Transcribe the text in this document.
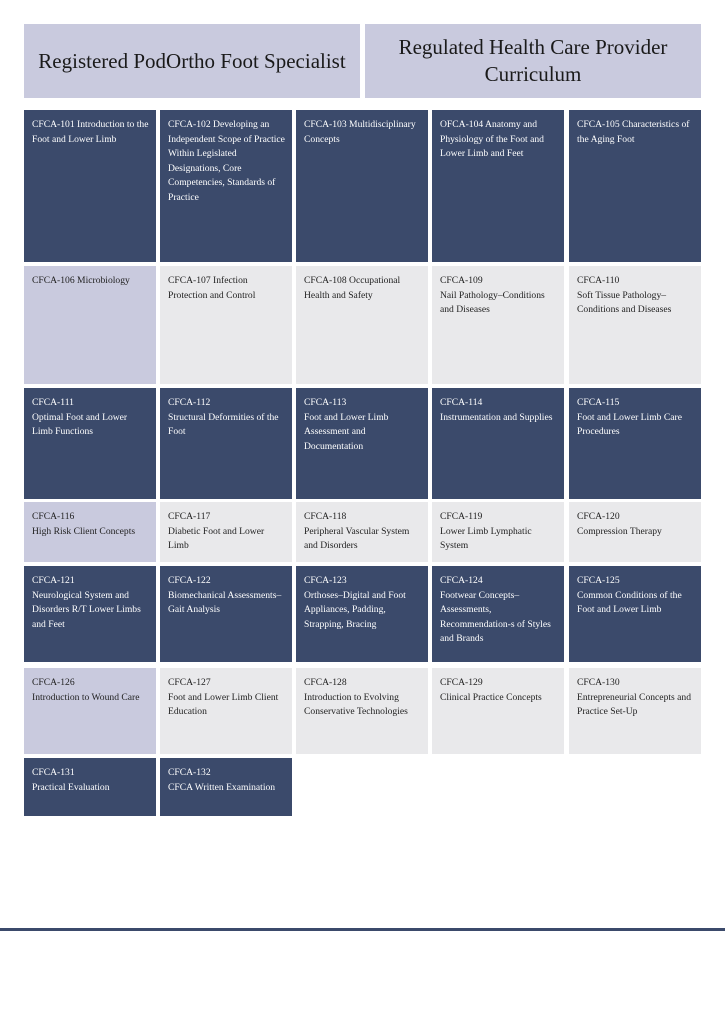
Registered PodOrtho Foot Specialist
Regulated Health Care Provider Curriculum
CFCA-101 Introduction to the Foot and Lower Limb
CFCA-102 Developing an Independent Scope of Practice Within Legislated Designations, Core Competencies, Standards of Practice
CFCA-103 Multidisciplinary Concepts
OFCA-104 Anatomy and Physiology of the Foot and Lower Limb and Feet
CFCA-105 Characteristics of the Aging Foot
CFCA-106 Microbiology	CFCA-107 Infection Protection and Control
CFCA-108 Occupational Health and Safety
CFCA-109
Nail Pathology–Conditions and Diseases
CFCA-110
Soft Tissue Pathology–Conditions and Diseases
CFCA-111
Optimal Foot and Lower Limb Functions
CFCA-112
Structural Deformities of the Foot
CFCA-113
Foot and Lower Limb Assessment and Documentation
CFCA-114
Instrumentation and Supplies
CFCA-115
Foot and Lower Limb Care Procedures
CFCA-116
High Risk Client Concepts
CFCA-117
Diabetic Foot and Lower Limb
CFCA-118
Peripheral Vascular System and Disorders
CFCA-119
Lower Limb Lymphatic System
CFCA-120
Compression Therapy
CFCA-121
Neurological System and Disorders R/T Lower Limbs and Feet
CFCA-122
Biomechanical Assessments– Gait Analysis
CFCA-123
Orthoses–Digital and Foot Appliances, Padding, Strapping, Bracing
CFCA-124
Footwear Concepts– Assessments, Recommendation-s of Styles and Brands
CFCA-125
Common Conditions of the Foot and Lower Limb
CFCA-126
Introduction to Wound Care
CFCA-127
Foot and Lower Limb Client Education
CFCA-128
Introduction to Evolving Conservative Technologies
CFCA-129
Clinical Practice Concepts
CFCA-130
Entrepreneurial Concepts and Practice Set-Up
CFCA-131
Practical Evaluation
CFCA-132
CFCA Written Examination
